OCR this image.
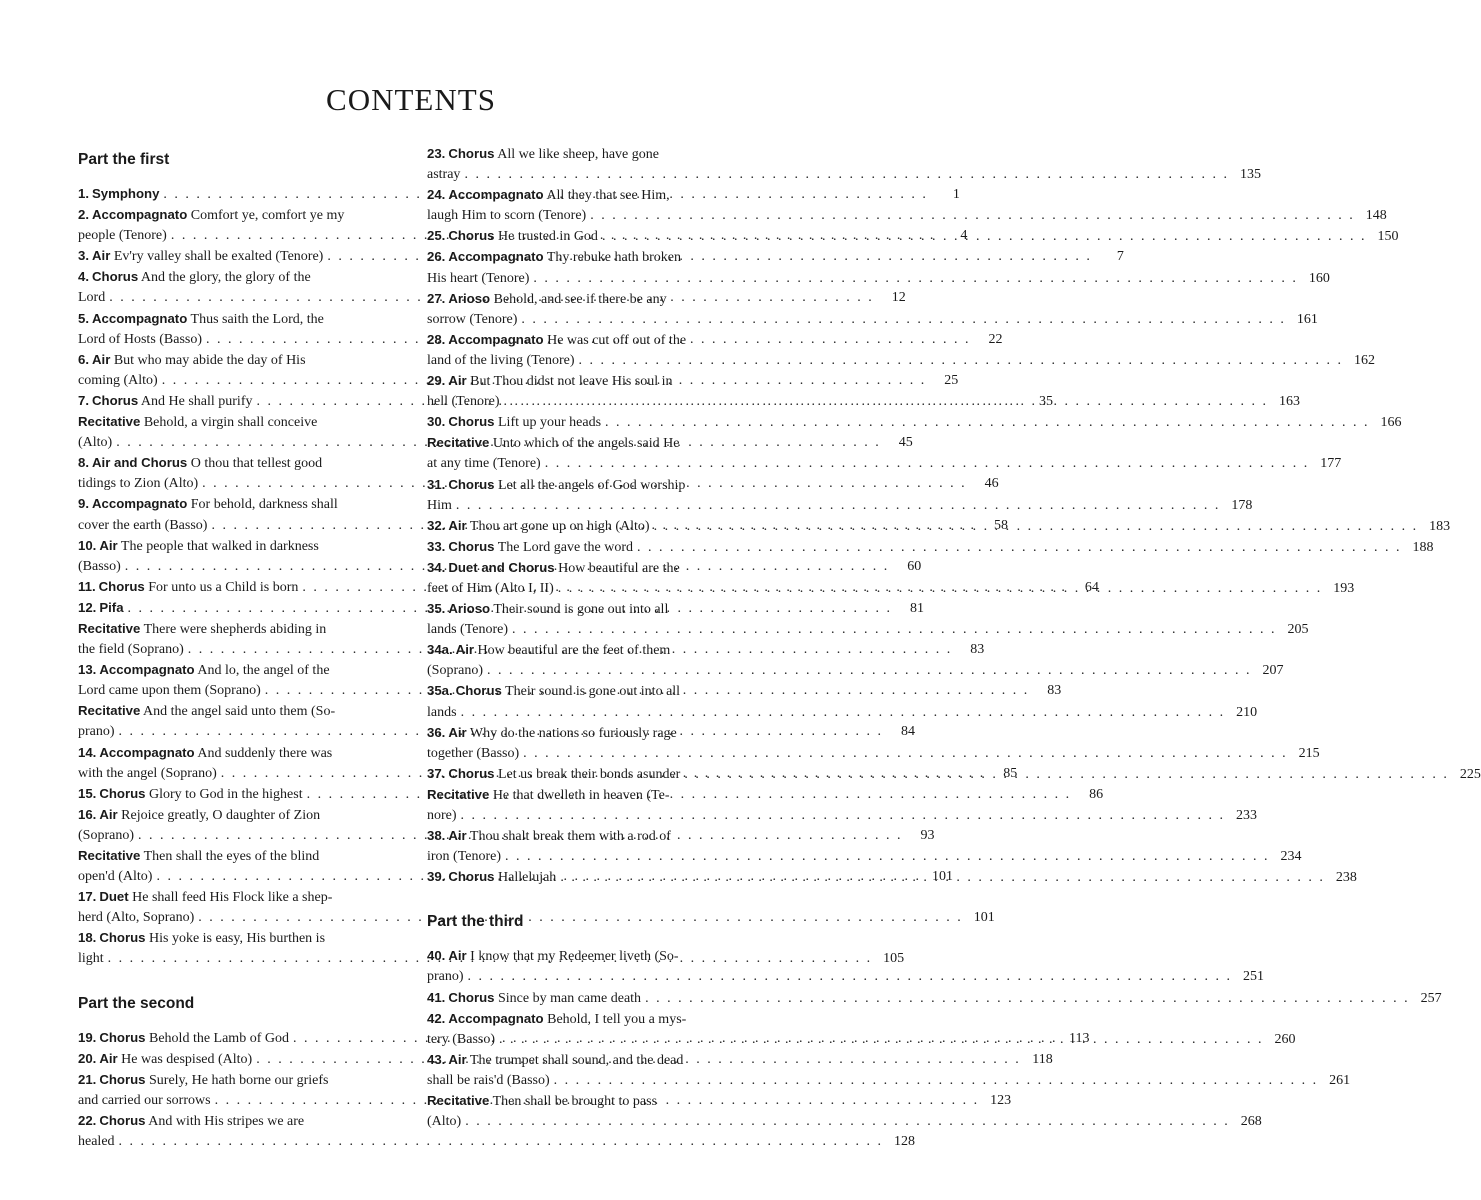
CONTENTS
Part the first
1. Symphony . . .	1
2. Accompagnato Comfort ye, comfort ye my
people (Tenore) . . .	4
3. Air Ev'ry valley shall be exalted (Tenore) . . .	7
4. Chorus And the glory, the glory of the
Lord . . .	12
5. Accompagnato Thus saith the Lord, the
Lord of Hosts (Basso) . . .	22
6. Air But who may abide the day of His
coming (Alto) . . .	25
7. Chorus And He shall purify . . .	35
Recitative Behold, a virgin shall conceive
(Alto) . . .	45
8. Air and Chorus O thou that tellest good
tidings to Zion (Alto) . . .	46
9. Accompagnato For behold, darkness shall
cover the earth (Basso) . . .	58
10. Air The people that walked in darkness
(Basso) . . .	60
11. Chorus For unto us a Child is born . . .	64
12. Pifa . . .	81
Recitative There were shepherds abiding in
the field (Soprano) . . .	83
13. Accompagnato And lo, the angel of the
Lord came upon them (Soprano) . . .	83
Recitative And the angel said unto them (So-
prano) . . .	84
14. Accompagnato And suddenly there was
with the angel (Soprano) . . .	85
15. Chorus Glory to God in the highest . . .	86
16. Air Rejoice greatly, O daughter of Zion
(Soprano) . . .	93
Recitative Then shall the eyes of the blind
open'd (Alto) . . .	101
17. Duet He shall feed His Flock like a shep-
herd (Alto, Soprano) . . .	101
18. Chorus His yoke is easy, His burthen is
light . . .	105
Part the second
19. Chorus Behold the Lamb of God . . .	113
20. Air He was despised (Alto) . . .	118
21. Chorus Surely, He hath borne our griefs
and carried our sorrows . . .	123
22. Chorus And with His stripes we are
healed . . .	128
23. Chorus All we like sheep, have gone
astray . . .	135
24. Accompagnato All they that see Him,
laugh Him to scorn (Tenore) . . .	148
25. Chorus He trusted in God . . .	150
26. Accompagnato Thy rebuke hath broken
His heart (Tenore) . . .	160
27. Arioso Behold, and see if there be any
sorrow (Tenore) . . .	161
28. Accompagnato He was cut off out of the
land of the living (Tenore) . . .	162
29. Air But Thou didst not leave His soul in
hell (Tenore) . . .	163
30. Chorus Lift up your heads . . .	166
Recitative Unto which of the angels said He
at any time (Tenore) . . .	177
31. Chorus Let all the angels of God worship
Him . . .	178
32. Air Thou art gone up on high (Alto) . . .	183
33. Chorus The Lord gave the word . . .	188
34. Duet and Chorus How beautiful are the
feet of Him (Alto I, II) . . .	193
35. Arioso Their sound is gone out into all
lands (Tenore) . . .	205
34a. Air How beautiful are the feet of them
(Soprano) . . .	207
35a. Chorus Their sound is gone out into all
lands . . .	210
36. Air Why do the nations so furiously rage
together (Basso) . . .	215
37. Chorus Let us break their bonds asunder . . .	225
Recitative He that dwelleth in heaven (Te-
nore) . . .	233
38. Air Thou shalt break them with a rod of
iron (Tenore) . . .	234
39. Chorus Hallelujah . . .	238
Part the third
40. Air I know that my Redeemer liveth (So-
prano) . . .	251
41. Chorus Since by man came death . . .	257
42. Accompagnato Behold, I tell you a mys-
tery (Basso) . . .	260
43. Air The trumpet shall sound, and the dead
shall be rais'd (Basso) . . .	261
Recitative Then shall be brought to pass
(Alto) . . .	268
